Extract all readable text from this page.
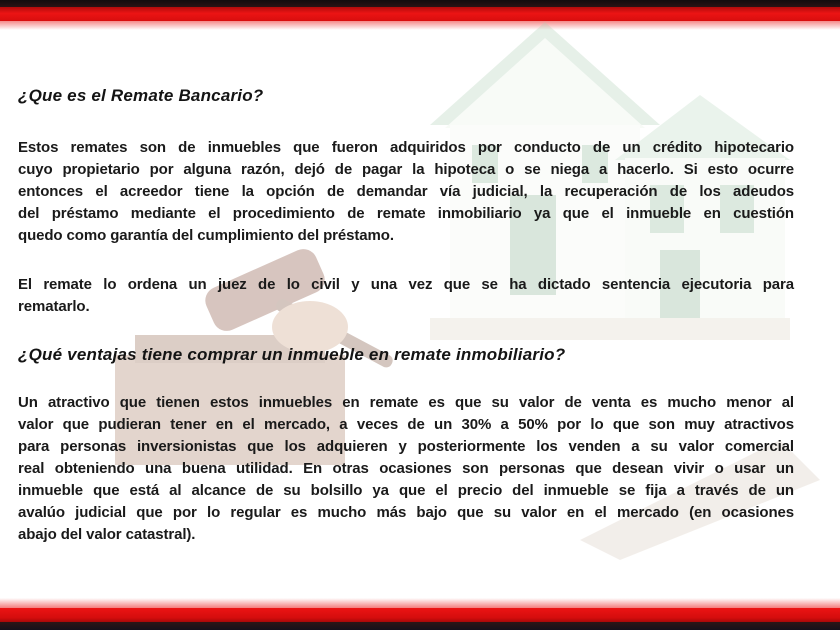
¿Que es el Remate Bancario?
Estos remates son de inmuebles que fueron adquiridos por conducto de un crédito hipotecario
cuyo propietario por alguna razón, dejó de pagar la hipoteca o se niega a hacerlo. Si esto ocurre
entonces el acreedor tiene la opción de demandar vía judicial, la recuperación de los adeudos
del préstamo mediante el procedimiento de remate inmobiliario ya que el inmueble en cuestión
quedo como garantía del cumplimiento del préstamo.
El remate lo ordena un juez de lo civil y una vez que se ha dictado sentencia ejecutoria para
rematarlo.
¿Qué ventajas tiene comprar un inmueble en remate inmobiliario?
Un atractivo que tienen estos inmuebles en remate es que su valor de venta es mucho menor al
valor que pudieran tener en el mercado, a veces de un 30% a 50% por lo que son muy atractivos
para personas inversionistas que los adquieren y posteriormente los venden a su valor comercial
real obteniendo una buena utilidad. En otras ocasiones son personas que desean vivir o usar un
inmueble que está al alcance de su bolsillo ya que el precio del inmueble se fija a través de un
avalúo judicial que por lo regular es mucho más bajo que su valor en el mercado (en ocasiones
abajo del valor catastral).
